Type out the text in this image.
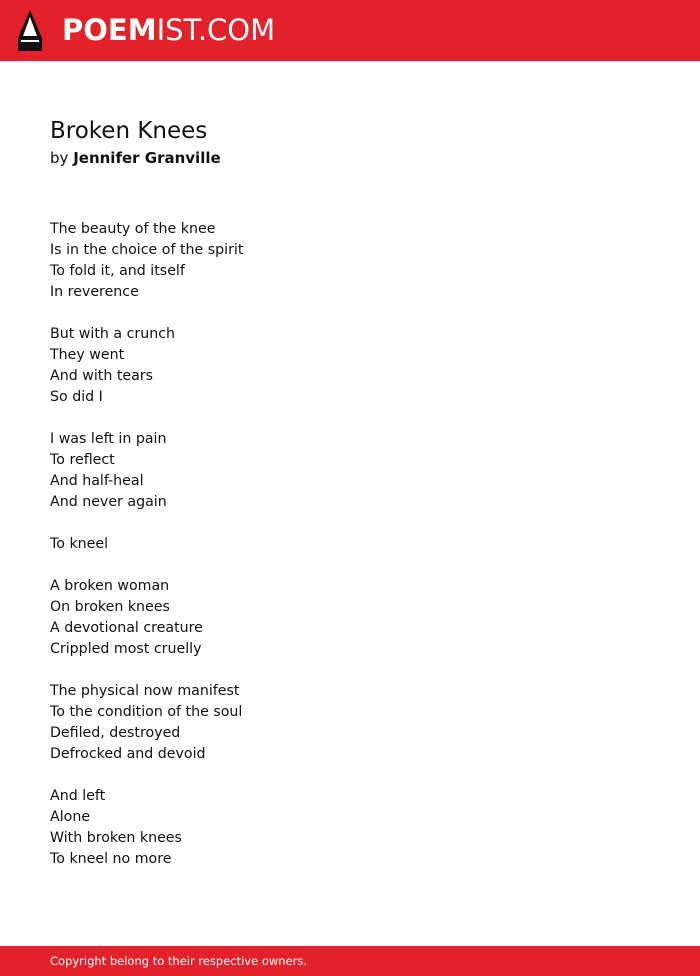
POEMIST.COM
Broken Knees
by Jennifer Granville
The beauty of the knee
Is in the choice of the spirit
To fold it, and itself
In reverence
But with a crunch
They went
And with tears
So did I
I was left in pain
To reflect
And half-heal
And never again
To kneel
A broken woman
On broken knees
A devotional creature
Crippled most cruelly
The physical now manifest
To the condition of the soul
Defiled, destroyed
Defrocked and devoid
And left
Alone
With broken knees
To kneel no more
Copyright belong to their respective owners.
